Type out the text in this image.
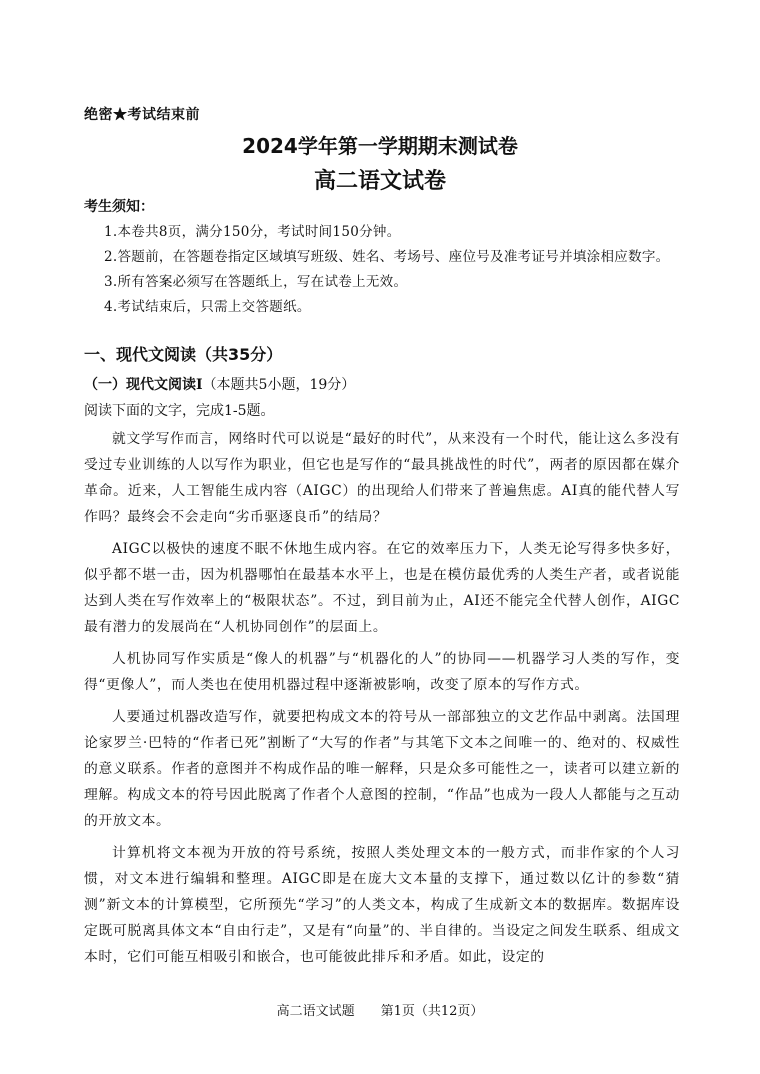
绝密★考试结束前
2024学年第一学期期末测试卷
高二语文试卷
考生须知：
1.本卷共8页，满分150分，考试时间150分钟。
2.答题前，在答题卷指定区域填写班级、姓名、考场号、座位号及准考证号并填涂相应数字。
3.所有答案必须写在答题纸上，写在试卷上无效。
4.考试结束后，只需上交答题纸。
一、现代文阅读（共35分）
（一）现代文阅读Ⅰ（本题共5小题，19分）
阅读下面的文字，完成1-5题。

就文学写作而言，网络时代可以说是“最好的时代”，从来没有一个时代，能让这么多没有受过专业训练的人以写作为职业，但它也是写作的“最具挑战性的时代”，两者的原因都在媒介革命。近来，人工智能生成内容（AIGC）的出现给人们带来了普遍焦虑。AI真的能代替人写作吗？最终会不会走向“劣币驱逐良币”的结局？

AIGC以极快的速度不眠不休地生成内容。在它的效率压力下，人类无论写得多快多好，似乎都不堪一击，因为机器哪怕在最基本水平上，也是在模仿最优秀的人类生产者，或者说能达到人类在写作效率上的“极限状态”。不过，到目前为止，AI还不能完全代替人创作，AIGC最有潜力的发展尚在“人机协同创作”的层面上。

人机协同写作实质是“像人的机器”与“机器化的人”的协同——机器学习人类的写作，变得“更像人”，而人类也在使用机器过程中逐渐被影响，改变了原本的写作方式。

人要通过机器改造写作，就要把构成文本的符号从一部部独立的文艺作品中剥离。法国理论家罗兰·巴特的“作者已死”割断了“大写的作者”与其笔下文本之间唯一的、绝对的、权威性的意义联系。作者的意图并不构成作品的唯一解释，只是众多可能性之一，读者可以建立新的理解。构成文本的符号因此脱离了作者个人意图的控制，“作品”也成为一段人人都能与之互动的开放文本。

计算机将文本视为开放的符号系统，按照人类处理文本的一般方式，而非作家的个人习惯，对文本进行编辑和整理。AIGC即是在庞大文本量的支撑下，通过数以亿计的参数“猜测”新文本的计算模型，它所预先“学习”的人类文本，构成了生成新文本的数据库。数据库设定既可脱离具体文本“自由行走”，又是有“向量”的、半自律的。当设定之间发生联系、组成文本时，它们可能互相吸引和嵌合，也可能彼此排斥和矛盾。如此，设定的

高二语文试题　　第1页（共12页）
